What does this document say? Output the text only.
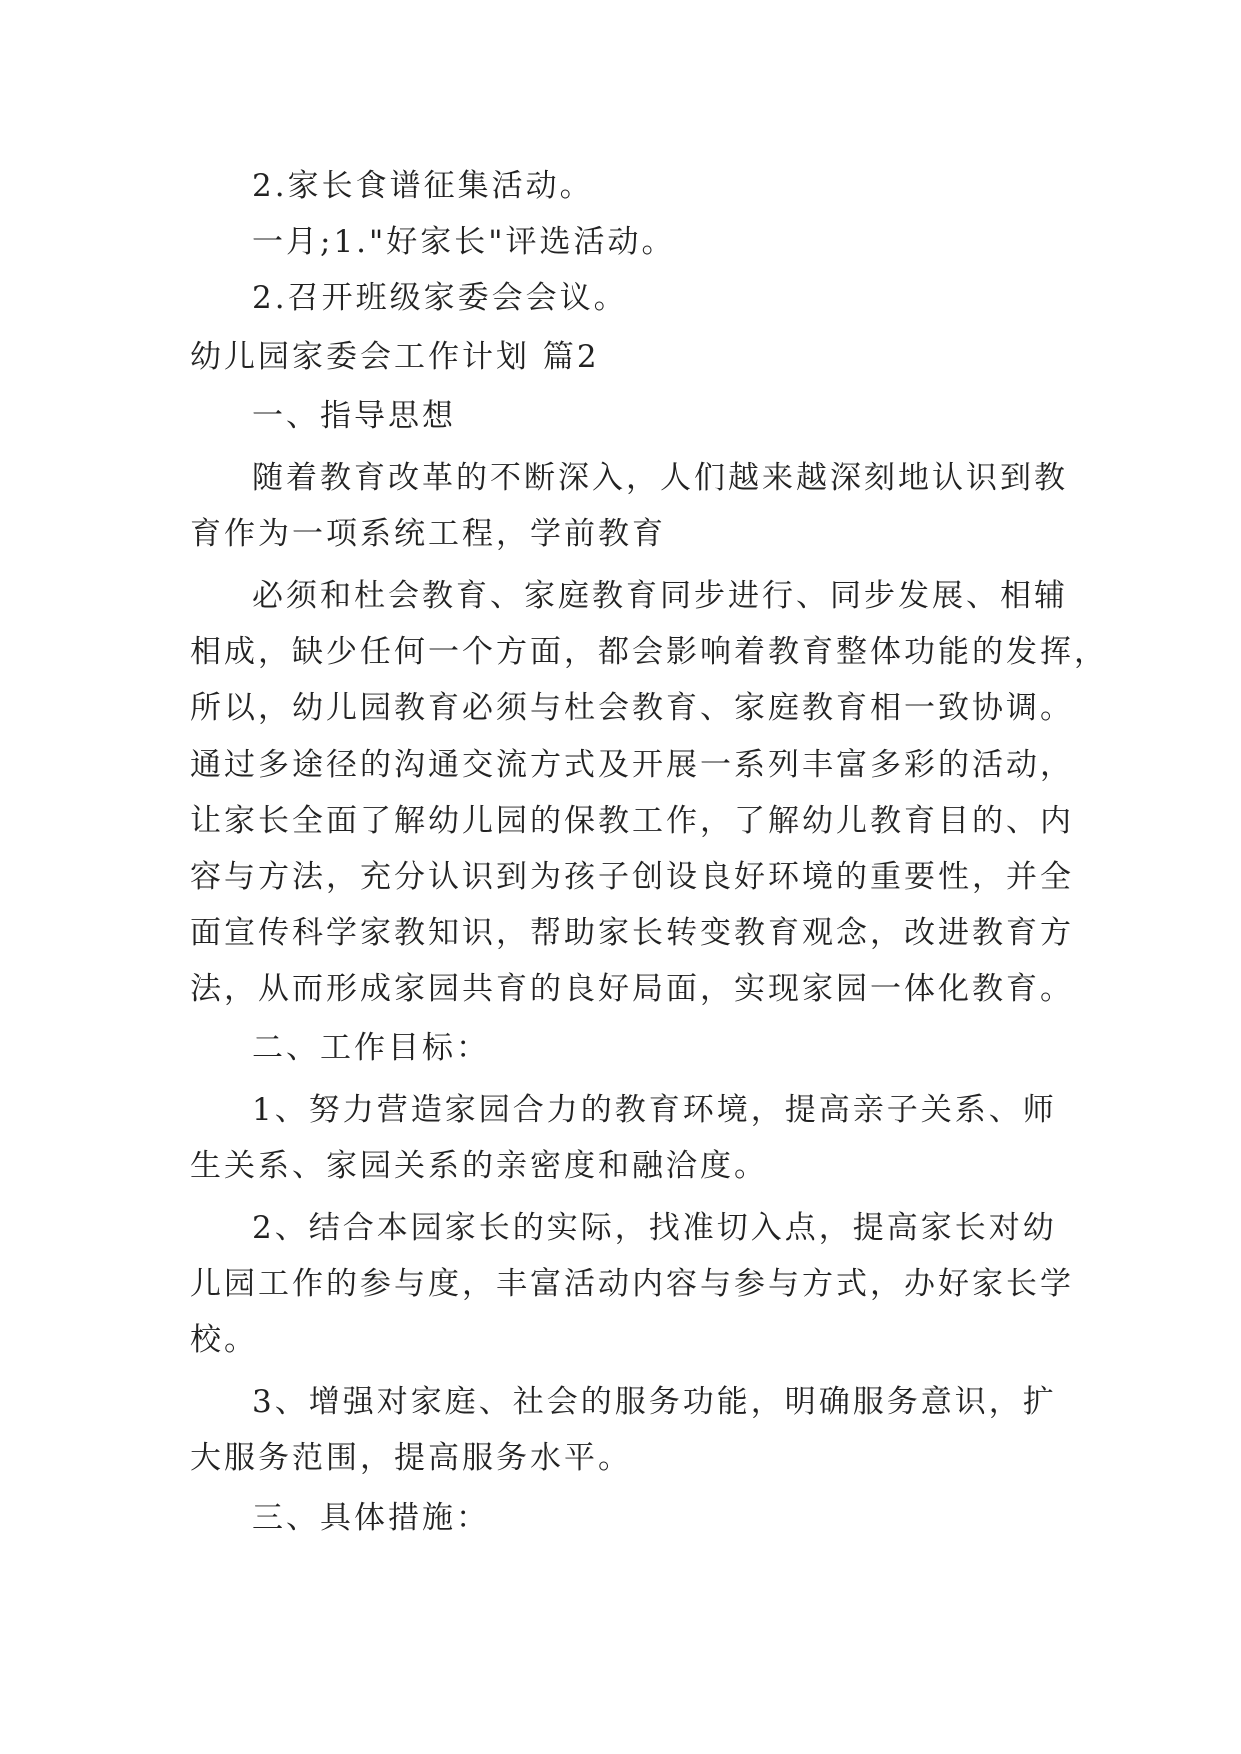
2.家长食谱征集活动。

一月;1."好家长"评选活动。

2.召开班级家委会会议。

幼儿园家委会工作计划 篇2

一、指导思想

随着教育改革的不断深入，人们越来越深刻地认识到教

育作为一项系统工程，学前教育

必须和杜会教育、家庭教育同步进行、同步发展、相辅

相成，缺少任何一个方面，都会影响着教育整体功能的发挥，

所以，幼儿园教育必须与杜会教育、家庭教育相一致协调。

通过多途径的沟通交流方式及开展一系列丰富多彩的活动，

让家长全面了解幼儿园的保教工作，了解幼儿教育目的、内

容与方法，充分认识到为孩子创设良好环境的重要性，并全

面宣传科学家教知识，帮助家长转变教育观念，改进教育方

法，从而形成家园共育的良好局面，实现家园一体化教育。

二、工作目标：

1、努力营造家园合力的教育环境，提高亲子关系、师

生关系、家园关系的亲密度和融洽度。

2、结合本园家长的实际，找准切入点，提高家长对幼

儿园工作的参与度，丰富活动内容与参与方式，办好家长学

校。

3、增强对家庭、社会的服务功能，明确服务意识，扩

大服务范围，提高服务水平。

三、具体措施：
